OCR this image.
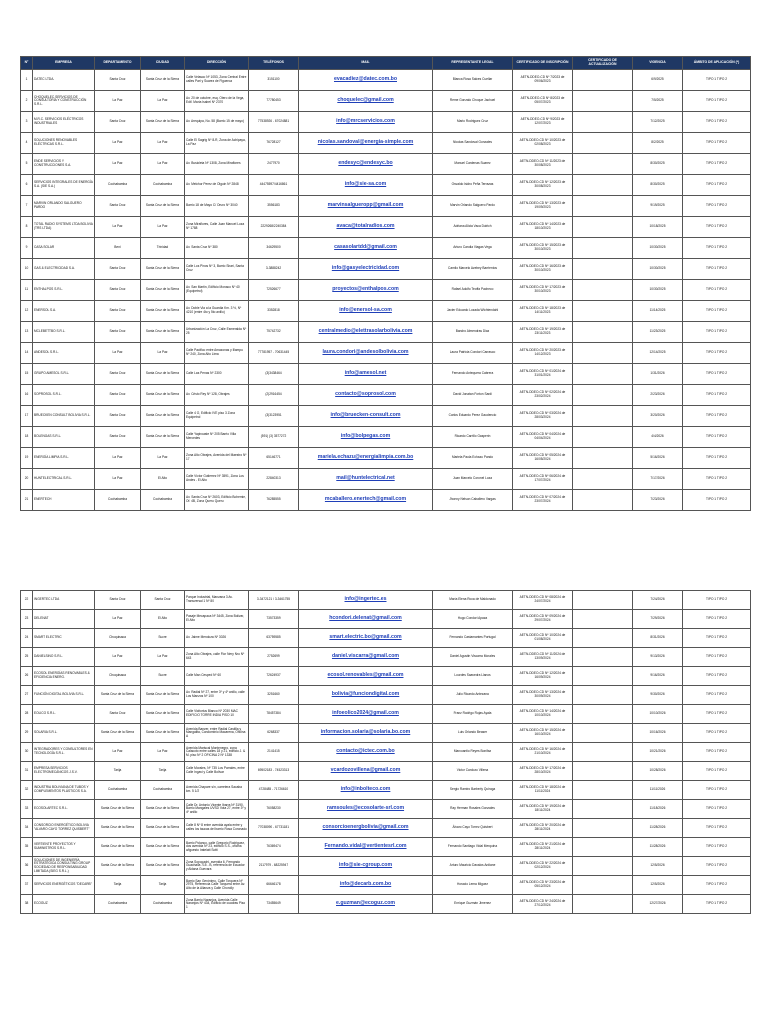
N°	EMPRESA	DEPARTAMENTO	CIUDAD	DIRECCIÓN	TELÉFONOS	MAIL	REPRESENTANTE LEGAL	CERTIFICADO DE INSCRIPCIÓN	CERTIFICADO DE ACTUALIZACIÓN	VIGENCIA	ÁMBITO DE APLICACIÓN (*)
1	DATEC LTDA.	Santa Cruz	Santa Cruz de la Sierra	Calle Velasco Nº 1053, Zona Central Entre calles Pari y Suarez de Figueroa	3151100	evacadiez@datec.com.bo	Blanca Rosa Salces Cuellar	AETN-DDEO-CD Nº 7/2023 de 09/06/2023		6/9/2025	TIPO 1 TIPO 2
2	CHOQUELEC SERVICIOS DE CONSULTORÍA Y CONSTRUCCIÓN S.R.L.	La Paz	La Paz	Av. 20 de octubre, esq. Otero de la Vega, Edif. María Isabel Nº 2370	77780453	choquelec@gmail.com	Reme Gonzalo Choque Jachuel	AETN-DDEO-CD Nº 8/2023 de 05/07/2023		7/5/2025	TIPO 1 TIPO 2
3	M.R.C. SERVICIOS ELÉCTRICOS INDUSTRIALES	Santa Cruz	Santa Cruz de la Sierra	Av. Arequipa, No. 58 (Barrio 15 de mayo)	77538926 - 67024881	info@mrcservicios.com	Mario Rodriguez Cruz	AETN-DDEO-CD Nº 9/2023 de 12/07/2023		7/12/2025	TIPO 1 TIPO 2
4	SOLUCIONES RENOVABLES ELÉCTRICAS S.R.L.	La Paz	La Paz	Calle El Sagrig Nº 8-R, Zona de Achipaya, La Paz	76728127	nicolas.sandoval@energia-simple.com	Nicolas Sandoval Gonzales	AETN-DDEO-CD Nº 10/2023 de 02/08/2023		8/2/2025	TIPO 1 TIPO 2
5	ENDE SERVICIOS Y CONSTRUCCIONES S.A.	La Paz	La Paz	Av. Busioleta Nº 1308, Zona Miraflores	2477970	endesyc@endesyc.bo	Manuel Cardenas Suarez	AETN-DDEO-CD Nº 11/2023 de 30/08/2023		8/30/2025	TIPO 1 TIPO 2
6	SERVICIOS INTEGRALES DE ENERGÍA S.A. (SIE S.A.)	Cochabamba	Cochabamba	Av. Melchor Perez de Olguin Nº 2848	44475597/4416861	info@sie-sa.com	Osvaldo Isidro Peña Terrazas	AETN-DDEO-CD Nº 12/2023 de 30/08/2023		8/30/2025	TIPO 1 TIPO 2
7	MARVIN ORLANDO SALGUERO PARDO	Santa Cruz	Santa Cruz de la Sierra	Barrio 18 de Mayo C/ Oruro Nº 3040	3556183	marvinsalgueropp@gmail.com	Marvin Orlando Salguero Pardo	AETN-DDEO-CD Nº 13/2023 de 19/09/2023		9/19/2025	TIPO 1 TIPO 2
8	TOTAL RADIO SYSTEMS LTDA BOLIVIA (TRS LTDA)	La Paz	La Paz	Zona Miraflores, Calle Juan Manuel Loza Nº 1788	2229268/2240384	avaca@totalradios.com	Adriana Alicia Vaca Duirich	AETN-DDEO-CD Nº 14/2023 de 18/10/2023		10/18/2025	TIPO 1 TIPO 2
9	CASA SOLAR	Beni	Trinidad	Av. Santa Cruz Nº 380	34629500	casasolartdd@gmail.com	Arturo Candia Viagas Vega	AETN-DDEO-CD Nº 15/2023 de 30/10/2023		10/30/2025	TIPO 1 TIPO 2
10	GAS & ELECTRICIDAD S.A.	Santa Cruz	Santa Cruz de la Sierra	Calle Los Pinos Nº 3, Barrio Sirari, Santa Cruz	3-3888242	info@gasyelectricidad.com	Camilo Marcelo Azebey Barrientos	AETN-DDEO-CD Nº 16/2023 de 30/10/2023		10/30/2025	TIPO 1 TIPO 2
11	ENTHALPOS S.R.L.	Santa Cruz	Santa Cruz de la Sierra	Av. San Martin, Edificio Monaco Nº 40 (Equipetrol)	72526677	proyectos@enthalpos.com	Rafael Adolfo Teoffa Pacheco	AETN-DDEO-CD Nº 17/2023 de 30/10/2023		10/30/2025	TIPO 1 TIPO 2
12	ENERSOL S.A.	Santa Cruz	Santa Cruz de la Sierra	Av. Doble Via a la Guardia Km. 3 ½, Nº 4210 (entre 4to y 5to anillo)	3352818	info@enersol-sa.com	Javier Eduardo Lozada Wichtendahl	AETN-DDEO-CD Nº 18/2023 de 14/11/2023		11/14/2025	TIPO 1 TIPO 2
13	MCLEBETTBO S.R.L.	Santa Cruz	Santa Cruz de la Sierra	Urbanización La Cruz, Calle Esmeralda Nº 25	75742732	centralmedio@elettrasolarbolivia.com	Bandro Almendras Diaz	AETN-DDEO-CD Nº 19/2023 de 23/11/2023		11/23/2025	TIPO 1 TIPO 2
14	ANDESOL S.R.L.	La Paz	La Paz	Calle Pacifico entre Amazonas y Illampu Nº 240, Zona Alto Lima	77781957 - 70631445	laura.condori@andesolbolivia.com	Laura Patricia Condori Carrasco	AETN-DDEO-CD Nº 20/2023 de 14/12/2023		12/14/2025	TIPO 1 TIPO 2
15	GRUPO AMESOL S.R.L.	Santa Cruz	Santa Cruz de la Sierra	Calle Las Penas Nº 2300	(3)3438464	info@amesol.net	Fernando Antequera Cabrera	AETN-DDEO-CD Nº 01/2024 de 31/01/2024		1/31/2026	TIPO 1 TIPO 2
16	SOPROSOL S.R.L.	Santa Cruz	Santa Cruz de la Sierra	Av. Cristo Rey Nº 128, Obrajes	(2)2916454	contacto@soprosol.com	David Jonatan Forton Sardi	AETN-DDEO-CD Nº 02/2024 de 23/02/2024		2/23/2026	TIPO 1 TIPO 2
17	BRUECKEN CONSULT BOLIVIA S.R.L.	Santa Cruz	Santa Cruz de la Sierra	Calle 4 O, Edificio IVE piso 3 Zona Equipetrol	(3)3123951	info@bruecken-consult.com	Carlos Eduardo Perez Gaudencio	AETN-DDEO-CD Nº 03/2024 de 28/03/2024		3/20/2026	TIPO 1 TIPO 2
18	BOLENGAS S.R.L.	Santa Cruz	Santa Cruz de la Sierra	Calle Yapiroaste Nº 205 Barrio Villa Mercedes	(591) (3) 3577272	info@bolpegas.com	Ricardo Carrillo Gasperin	AETN-DDEO-CD Nº 04/2024 de 04/04/2024		4/4/2026	TIPO 1 TIPO 2
19	ENERGÍA LIMPIA S.R.L.	La Paz	La Paz	Zona Alto Obrajes, Avenida del Maestro Nº 17	65146771	mariela.echazu@energialimpia.com.bo	Mariela Paola Echazu Pando	AETN-DDEO-CD Nº 05/2024 de 16/05/2024		5/16/2026	TIPO 1 TIPO 2
20	HUNTELECTRICAL S.R.L.	La Paz	El Alto	Calle Víctor Gutierrez Nº 3591, Zona Los Andes - El Alto	22840313	mail@huntelectrical.net	Juan Marcelo Coronel Loza	AETN-DDEO-CD Nº 06/2024 de 17/07/2024		7/17/2026	TIPO 1 TIPO 2
21	ENERTECH	Cochabamba	Cochabamba	Av. Santa Cruz Nº 2603, Edificio Bohemie, Of. 4B, Zona Queru Queru	76285555	mcaballero.enertech@gmail.com	Jhonny Nelson Caballero Vargas	AETN-DDEO-CD Nº 07/2024 de 23/07/2024		7/23/2026	TIPO 1 TIPO 2
22	INGERTEC LTDA	Santa Cruz	Santa Cruz	Parque Industrial, Manzana 3 Av. Transversal 1 Nº 80	3-3472121 / 3-3461755	info@ingertec.es	María Elena Roca de Maldonado	AETN-DDEO-CD Nº 08/2024 de 24/07/2024		7/24/2026	TIPO 1 TIPO 2
23	DELENAT	La Paz	El Alto	Pasaje Mecapaca Nº 3445, Zona Bolivar, El Alto	73573359	hcondori.delenat@gmail.com	Hugo Condori Apaza	AETN-DDEO-CD Nº 09/2024 de 29/07/2024		7/29/2026	TIPO 1 TIPO 2
24	SMART ELECTRIC	Chuquisaca	Sucre	Av. Jaime Mendoza Nº 3026	63759585	smart.electric.bo@gmail.com	Fernando Castamantes Portugal	AETN-DDEO-CD Nº 10/2024 de 01/08/2024		8/31/2026	TIPO 1 TIPO 2
25	DANIELSINO S.R.L.	La Paz	La Paz	Zona Alto Obrajes, calle Flor Nery Nro Nº 643	2752699	daniel.viscarra@gmail.com	Daniel Agustin Viscarra Morales	AETN-DDEO-CD Nº 11/2024 de 13/09/2024		9/13/2026	TIPO 1 TIPO 2
26	ECOSOL ENERGÍAS RENOVABLES & EFICIENCIA ENERG.	Chuquisaca	Sucre	Calle Man Cesped Nº 60	72624937	ecosol.renovables@gmail.com	Lourdes Saavedra Llanos	AETN-DDEO-CD Nº 12/2024 de 16/09/2024		9/16/2026	TIPO 1 TIPO 2
27	FUNCIÓN DIGITAL BOLIVIA S.R.L.	Santa Cruz de la Sierra	Santa Cruz de la Sierra	Av. Radial Nº 27, entre 3º y 4º anillo, calle Los Manzos Nº 100	3251660	bolivia@funciondigital.com	Julio Ricardo Antezana	AETN-DDEO-CD Nº 13/2024 de 30/09/2024		9/30/2026	TIPO 1 TIPO 2
28	EOLICO S.R.L.	Santa Cruz	Santa Cruz de la Sierra	Calle Vicitorius Blanco Nº 2030 MAC EDIFICIO TORRE INDIA PISO 10	78457384	infoeolico2024@gmail.com	Franz Rodrigo Rojas Ayala	AETN-DDEO-CD Nº 14/2024 de 10/10/2024		10/10/2026	TIPO 1 TIPO 2
29	SOLARIA S.R.L.	Santa Cruz de la Sierra	Santa Cruz de la Sierra	Avenida Banzer, entre Radial Castilla y Mangalita, Condominio Macarena, Oficina A	6268337	informacion.solaria@solaria.bo.com	Luis Orlando Beaser	AETN-DDEO-CD Nº 15/2024 de 16/10/2024		10/16/2026	TIPO 1 TIPO 2
30	INTEGRADORES Y CONSULTORES EN TECNOLOGÍA S.R.L.	La Paz	La Paz	Avenida Mariscal Montenegro, zona Calacoto entre calles 18 y 21, edificio J. & M. piso Nº 2 OFICINA 2 Nº 1338	2141415	contacto@ictec.com.bo	Marcoantio Reyes Bonifaz	AETN-DDEO-CD Nº 16/2024 de 21/10/2024		10/21/2026	TIPO 1 TIPO 2
31	EMPRESA SERVICIOS ELECTROMECÁNICOS J.S.V.	Tarija	Tarija	Calle Morales, Nº 735 Los Parrales, entre Calle Ingavi y Calle Bolivar	69502183 - 74523313	vcardozovillena@gmail.com	Victor Cardozo Villena	AETN-DDEO-CD Nº 17/2024 de 28/10/2024		10/28/2026	TIPO 1 TIPO 2
32	INDUSTRIA BOLIVIANA DE TUBOS Y COMPLEMENTOS PLÁSTICOS S.A.	Cochabamba	Cochabamba	Avenida Chapare s/n, carretera Sacaba km. 5 1/2	4728485 - 71726610	info@inbolteco.com	Sergio Ramiro Barberly Quiroga	AETN-DDEO-CD Nº 18/2024 de 11/11/2024		11/11/2026	TIPO 1 TIPO 2
33	ECOSOLARTEC S.R.L.	Santa Cruz de la Sierra	Santa Cruz de la Sierra	Calle Dr. Antonio Vicente Ibarra Nº 3190, Barrio Mangales UVSD Vota 27, entre 3º y 4º anillo	76058230	ramsoules@ecosolarte-srl.com	Ray Herman Rosales Gonzales	AETN-DDEO-CD Nº 19/2024 de 18/11/2024		11/18/2026	TIPO 1 TIPO 2
34	CONSORCIO ENERGÉTICO BOLIVIA "ALVARO CAYO TORREZ QUISBERT"	Santa Cruz de la Sierra	Santa Cruz de la Sierra	Calle 8 Nº 8 entre avenida ayala entre y calles los taucas del barrio Rosa Coronado	77038090 - 67731181	consorcioenergbolivia@gmail.com	Álvaro Cayo Torrez Quisbert	AETN-DDEO-CD Nº 20/2024 de 28/11/2024		11/28/2026	TIPO 1 TIPO 2
35	VERTIENTE PROYECTOS Y SUMINISTROS S.R.L.	Santa Cruz de la Sierra	Santa Cruz de la Sierra	Barrio Polanco, calle Gregorio Rodriguez, dos avenida Nº 23, edificio S.S., oficina a/lguesto Iratelatt Sotti	76369474	Fernando.vidal@vertientesrl.com	Fernando Santiago Vidal Merquina	AETN-DDEO-CD Nº 21/2024 de 28/11/2024		11/28/2026	TIPO 1 TIPO 2
36	SOLUCIONES DE INGENIERÍA ESTRATÉGICA CONSULTING GROUP SOCIEDAD DE RESPONSABILIDAD LIMITADA (SIEG S.R.L.)	Santa Cruz de la Sierra	Santa Cruz de la Sierra	Zona Sopocachi, avenida 6, Fernando Guachalla 715 - B, referencia de Ecuador y Aldana Guevara	2117979 - 68225947	info@sie-cgroup.com	Arturo Mauricio Davalos Ardiane	AETN-DDEO-CD Nº 22/2024 de 02/12/2024		12/5/2026	TIPO 1 TIPO 2
37	SERVICIOS ENERGÉTICOS "DECARB"	Tarija	Tarija	Barrio San Gerónimo, Calle Torquera Nº 2975, Referencia Calle Torquera entre Av. Alto de la Alianza y Calle Chorolly	66646178	info@decarb.com.bo	Horacio Lema Miguez	AETN-DDEO-CD Nº 23/2024 de 05/12/2024		12/5/2026	TIPO 1 TIPO 2
38	ECOGUZ	Cochabamba	Cochabamba	Zona Barrio Naranjos, Avenida Calle Naranjos Nº 434, Edificio de cuadras Piso 1	73455649	e.guzman@ecoguz.com	Enrique Guzmán Jimenez	AETN-DDEO-CD Nº 24/2024 de 27/12/2024		12/27/2026	TIPO 1 TIPO 2
